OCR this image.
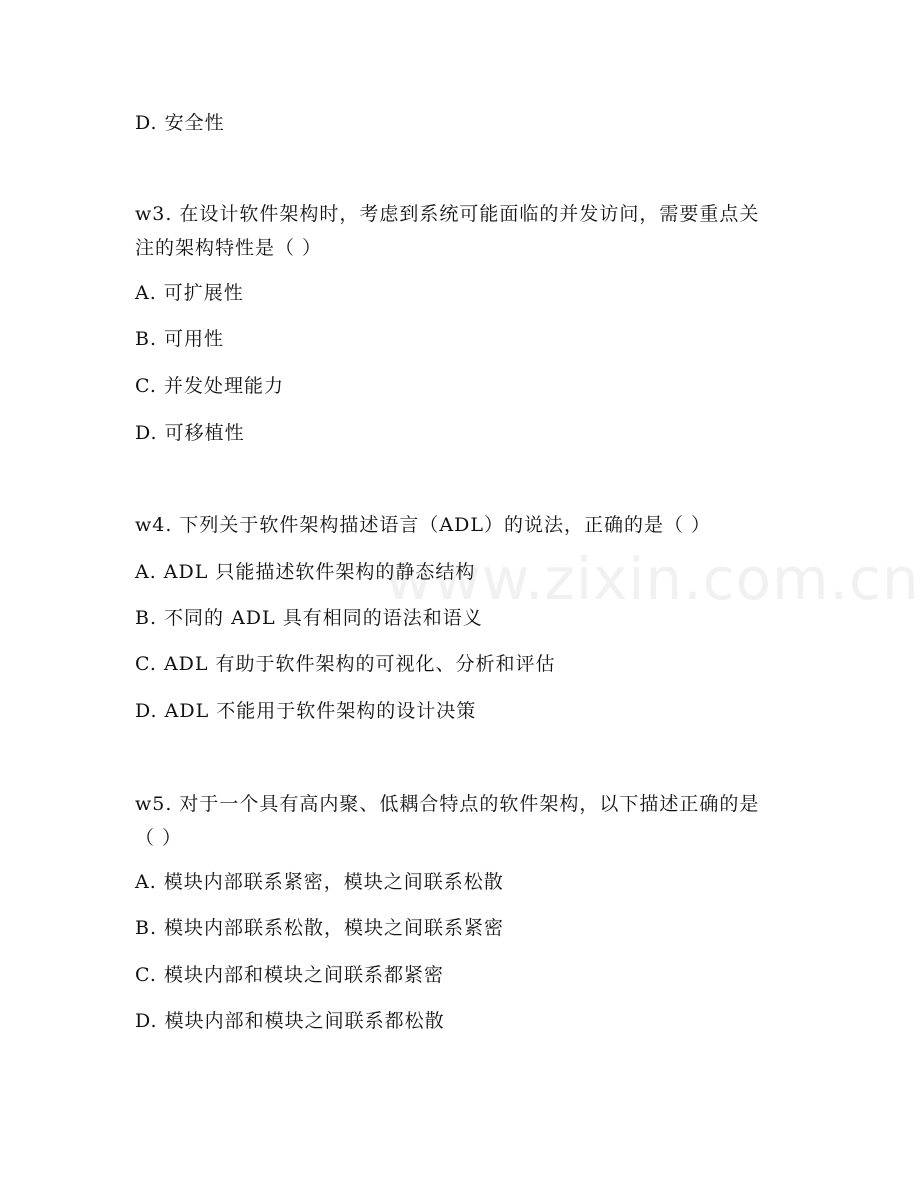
www.zixin.com.cn
D. 安全性
w3. 在设计软件架构时，考虑到系统可能面临的并发访问，需要重点关注的架构特性是（ ）
A. 可扩展性
B. 可用性
C. 并发处理能力
D. 可移植性
w4. 下列关于软件架构描述语言（ADL）的说法，正确的是（ ）
A. ADL 只能描述软件架构的静态结构
B. 不同的 ADL 具有相同的语法和语义
C. ADL 有助于软件架构的可视化、分析和评估
D. ADL 不能用于软件架构的设计决策
w5. 对于一个具有高内聚、低耦合特点的软件架构，以下描述正确的是（ ）
A. 模块内部联系紧密，模块之间联系松散
B. 模块内部联系松散，模块之间联系紧密
C. 模块内部和模块之间联系都紧密
D. 模块内部和模块之间联系都松散
